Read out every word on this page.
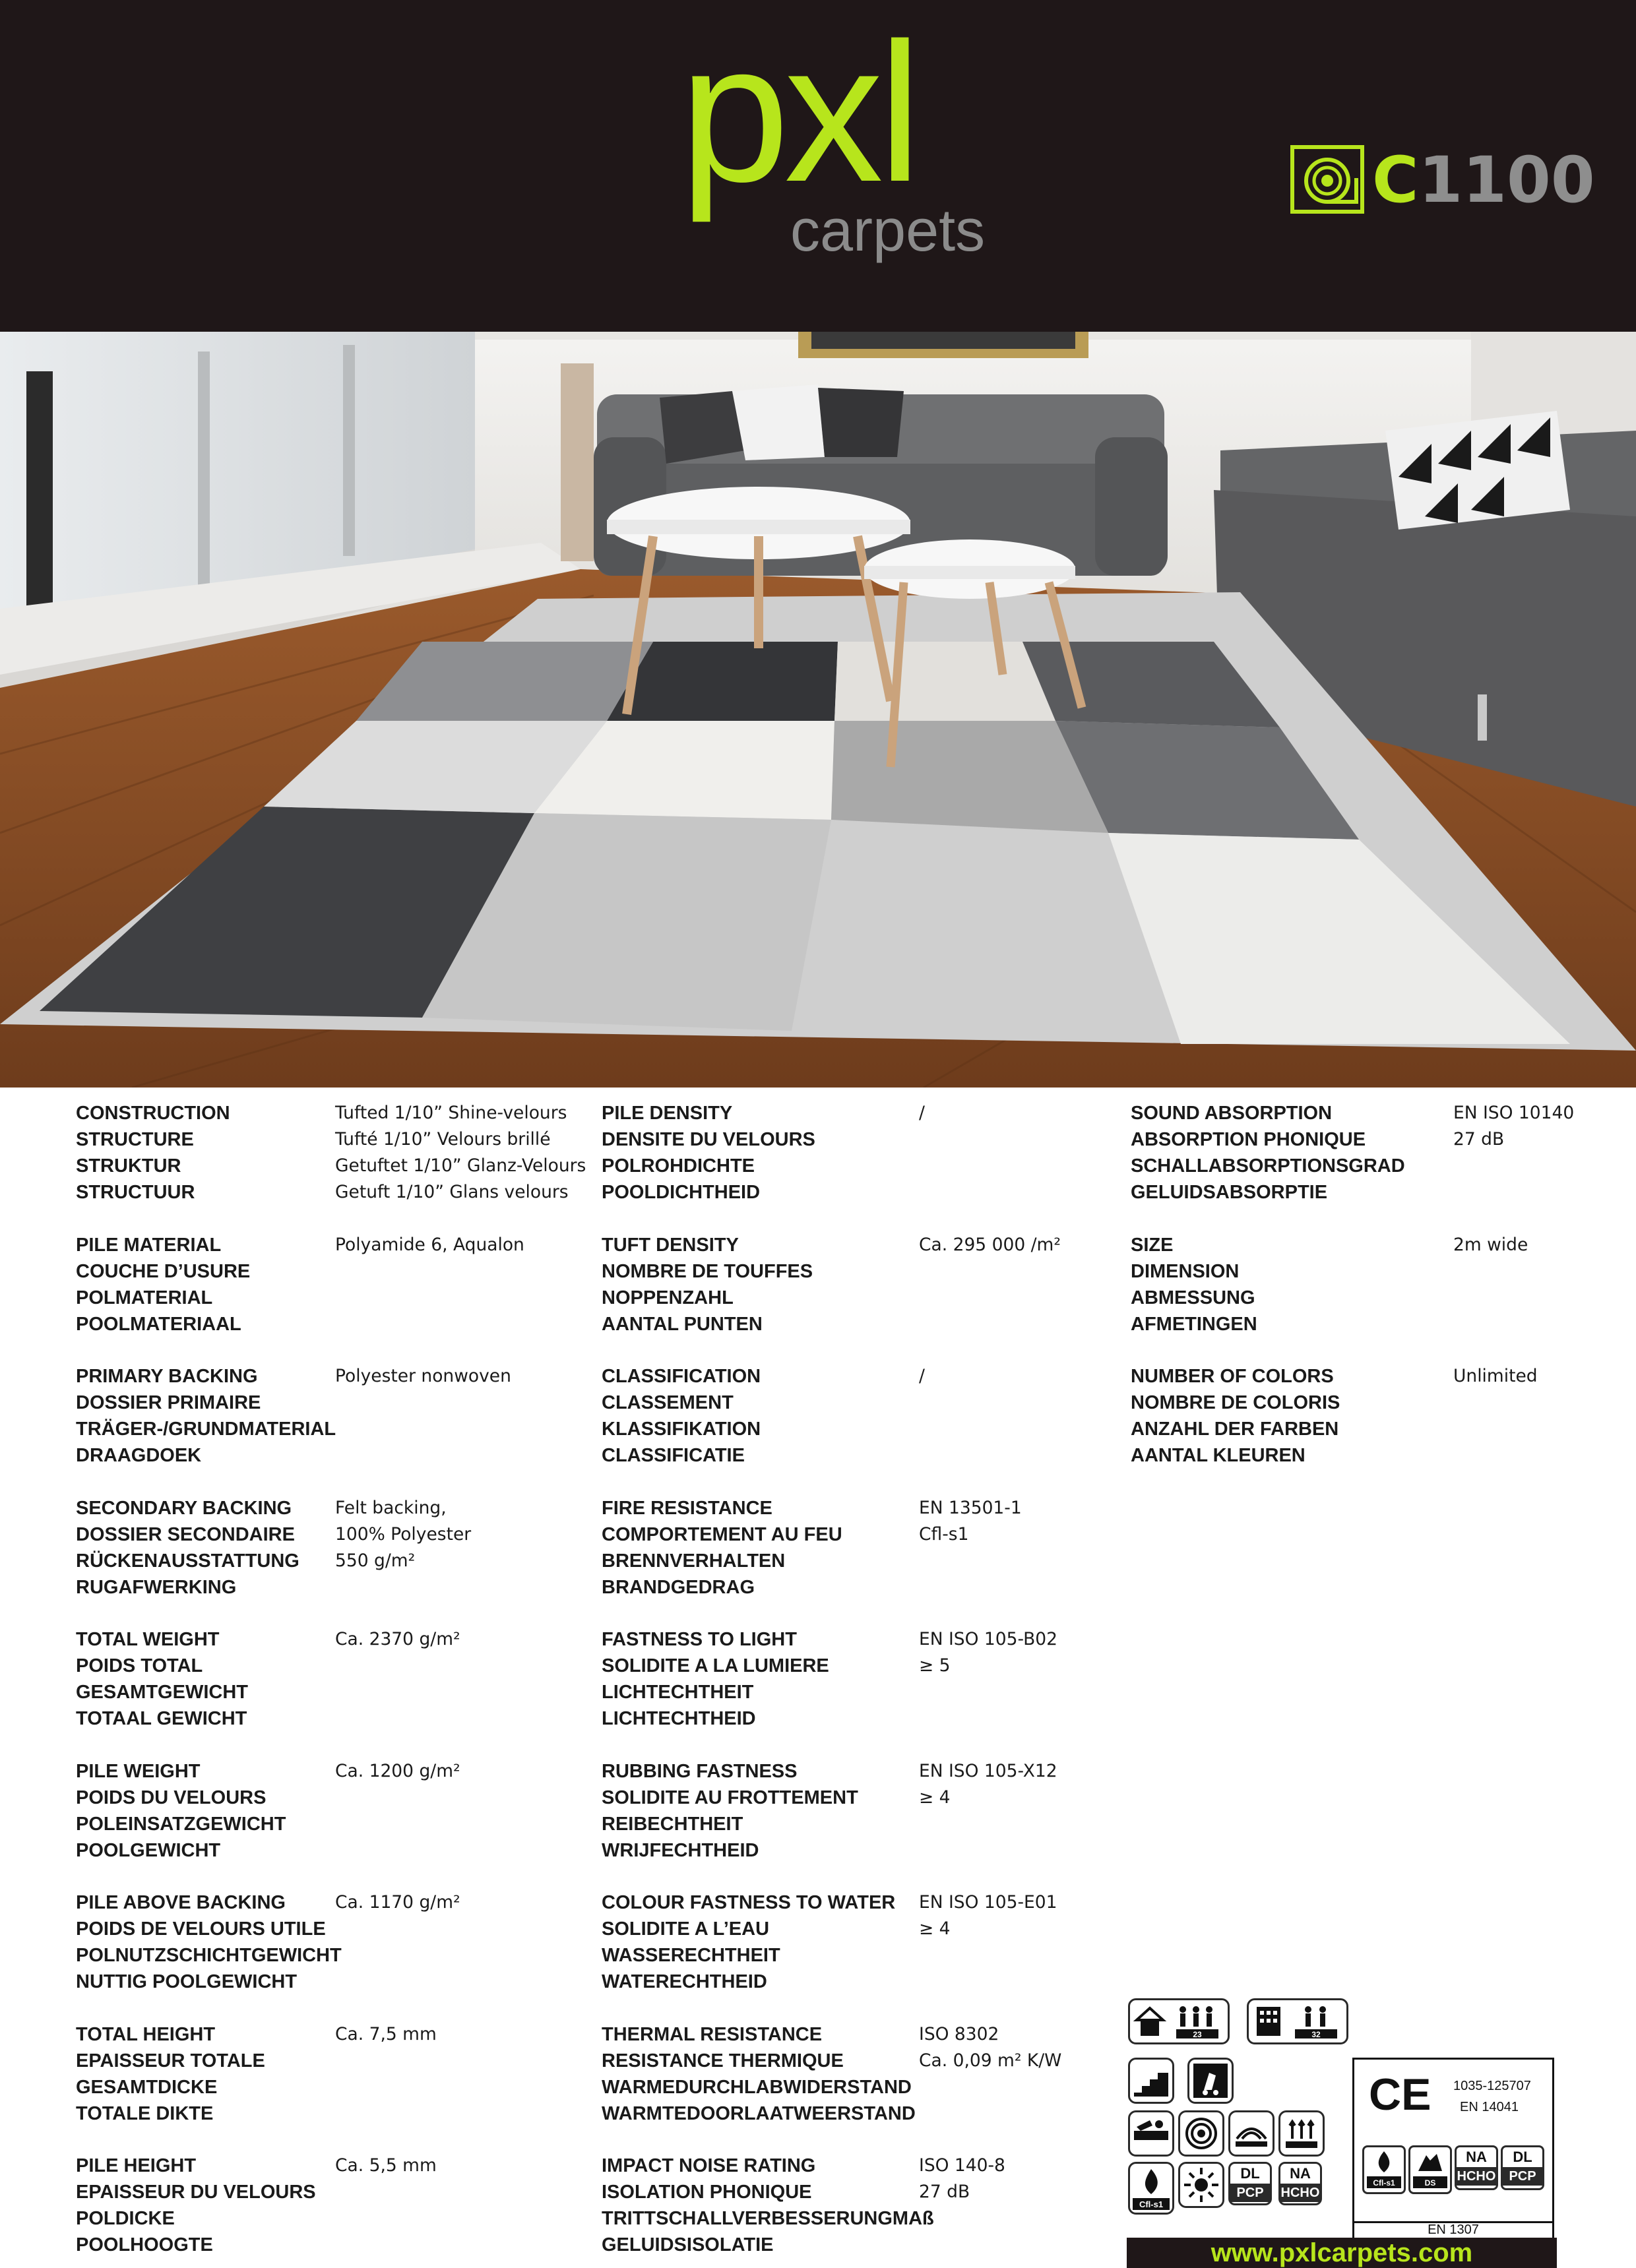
pxl
carpets
C1100
CONSTRUCTION
STRUCTURE
STRUKTUR
STRUCTUUR
Tufted 1/10” Shine-velours
Tufté 1/10” Velours brillé
Getuftet 1/10” Glanz-Velours
Getuft 1/10” Glans velours
PILE MATERIAL
COUCHE D’USURE
POLMATERIAL
POOLMATERIAAL
Polyamide 6, Aqualon
PRIMARY BACKING
DOSSIER PRIMAIRE
TRÄGER-/GRUNDMATERIAL
DRAAGDOEK
Polyester nonwoven
SECONDARY BACKING
DOSSIER SECONDAIRE
RÜCKENAUSSTATTUNG
RUGAFWERKING
Felt backing,
100% Polyester
550 g/m²
TOTAL WEIGHT
POIDS TOTAL
GESAMTGEWICHT
TOTAAL GEWICHT
Ca. 2370 g/m²
PILE WEIGHT
POIDS DU VELOURS
POLEINSATZGEWICHT
POOLGEWICHT
Ca. 1200 g/m²
PILE ABOVE BACKING
POIDS DE VELOURS UTILE
POLNUTZSCHICHTGEWICHT
NUTTIG POOLGEWICHT
Ca. 1170 g/m²
TOTAL HEIGHT
EPAISSEUR TOTALE
GESAMTDICKE
TOTALE DIKTE
Ca. 7,5 mm
PILE HEIGHT
EPAISSEUR DU VELOURS
POLDICKE
POOLHOOGTE
Ca. 5,5 mm
PILE DENSITY
DENSITE DU VELOURS
POLROHDICHTE
POOLDICHTHEID
/
TUFT DENSITY
NOMBRE DE TOUFFES
NOPPENZAHL
AANTAL PUNTEN
Ca. 295 000 /m²
CLASSIFICATION
CLASSEMENT
KLASSIFIKATION
CLASSIFICATIE
/
FIRE RESISTANCE
COMPORTEMENT AU FEU
BRENNVERHALTEN
BRANDGEDRAG
EN 13501-1
Cfl-s1
FASTNESS TO LIGHT
SOLIDITE A LA LUMIERE
LICHTECHTHEIT
LICHTECHTHEID
EN ISO 105-B02
≥ 5
RUBBING FASTNESS
SOLIDITE AU FROTTEMENT
REIBECHTHEIT
WRIJFECHTHEID
EN ISO 105-X12
≥ 4
COLOUR FASTNESS TO WATER
SOLIDITE A L’EAU
WASSERECHTHEIT
WATERECHTHEID
EN ISO 105-E01
≥ 4
THERMAL RESISTANCE
RESISTANCE THERMIQUE
WARMEDURCHLABWIDERSTAND
WARMTEDOORLAATWEERSTAND
ISO 8302
Ca. 0,09 m² K/W
IMPACT NOISE RATING
ISOLATION PHONIQUE
TRITTSCHALLVERBESSERUNGMAß
GELUIDSISOLATIE
ISO 140-8
27 dB
SOUND ABSORPTION
ABSORPTION PHONIQUE
SCHALLABSORPTIONSGRAD
GELUIDSABSORPTIE
EN ISO 10140
27 dB
SIZE
DIMENSION
ABMESSUNG
AFMETINGEN
2m wide
NUMBER OF COLORS
NOMBRE DE COLORIS
ANZAHL DER FARBEN
AANTAL KLEUREN
Unlimited
23	32
Cfl-s1
DL
PCP
NA
HCHO
CE 1035-125707
EN 14041
Cfl-s1	DS
NA
HCHO
DL
PCP
EN 1307
www.pxlcarpets.com
